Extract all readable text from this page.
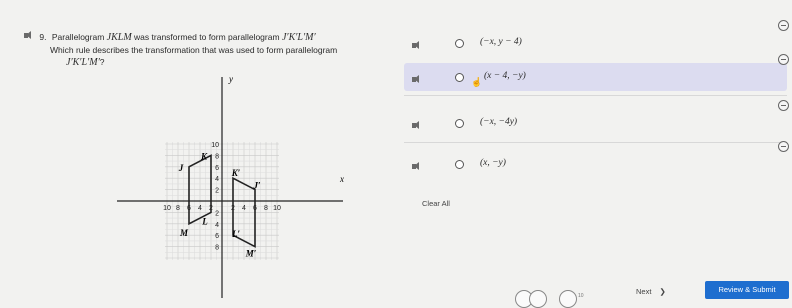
9. Parallelogram JKLM was transformed to form parallelogram J′K′L′M′
Which rule describes the transformation that was used to form parallelogram
J′K′L′M′?
x
y
10 8 6 4 2	2 4 6 8 10
10
8
6
4
2
2
4
6
8
K
J
M
L
K′
J′
L′
M′
(−x, y − 4)
☝
(x − 4, −y)
(−x, −4y)
(x, −y)
Clear All
10	Next ❯	Review & Submit
